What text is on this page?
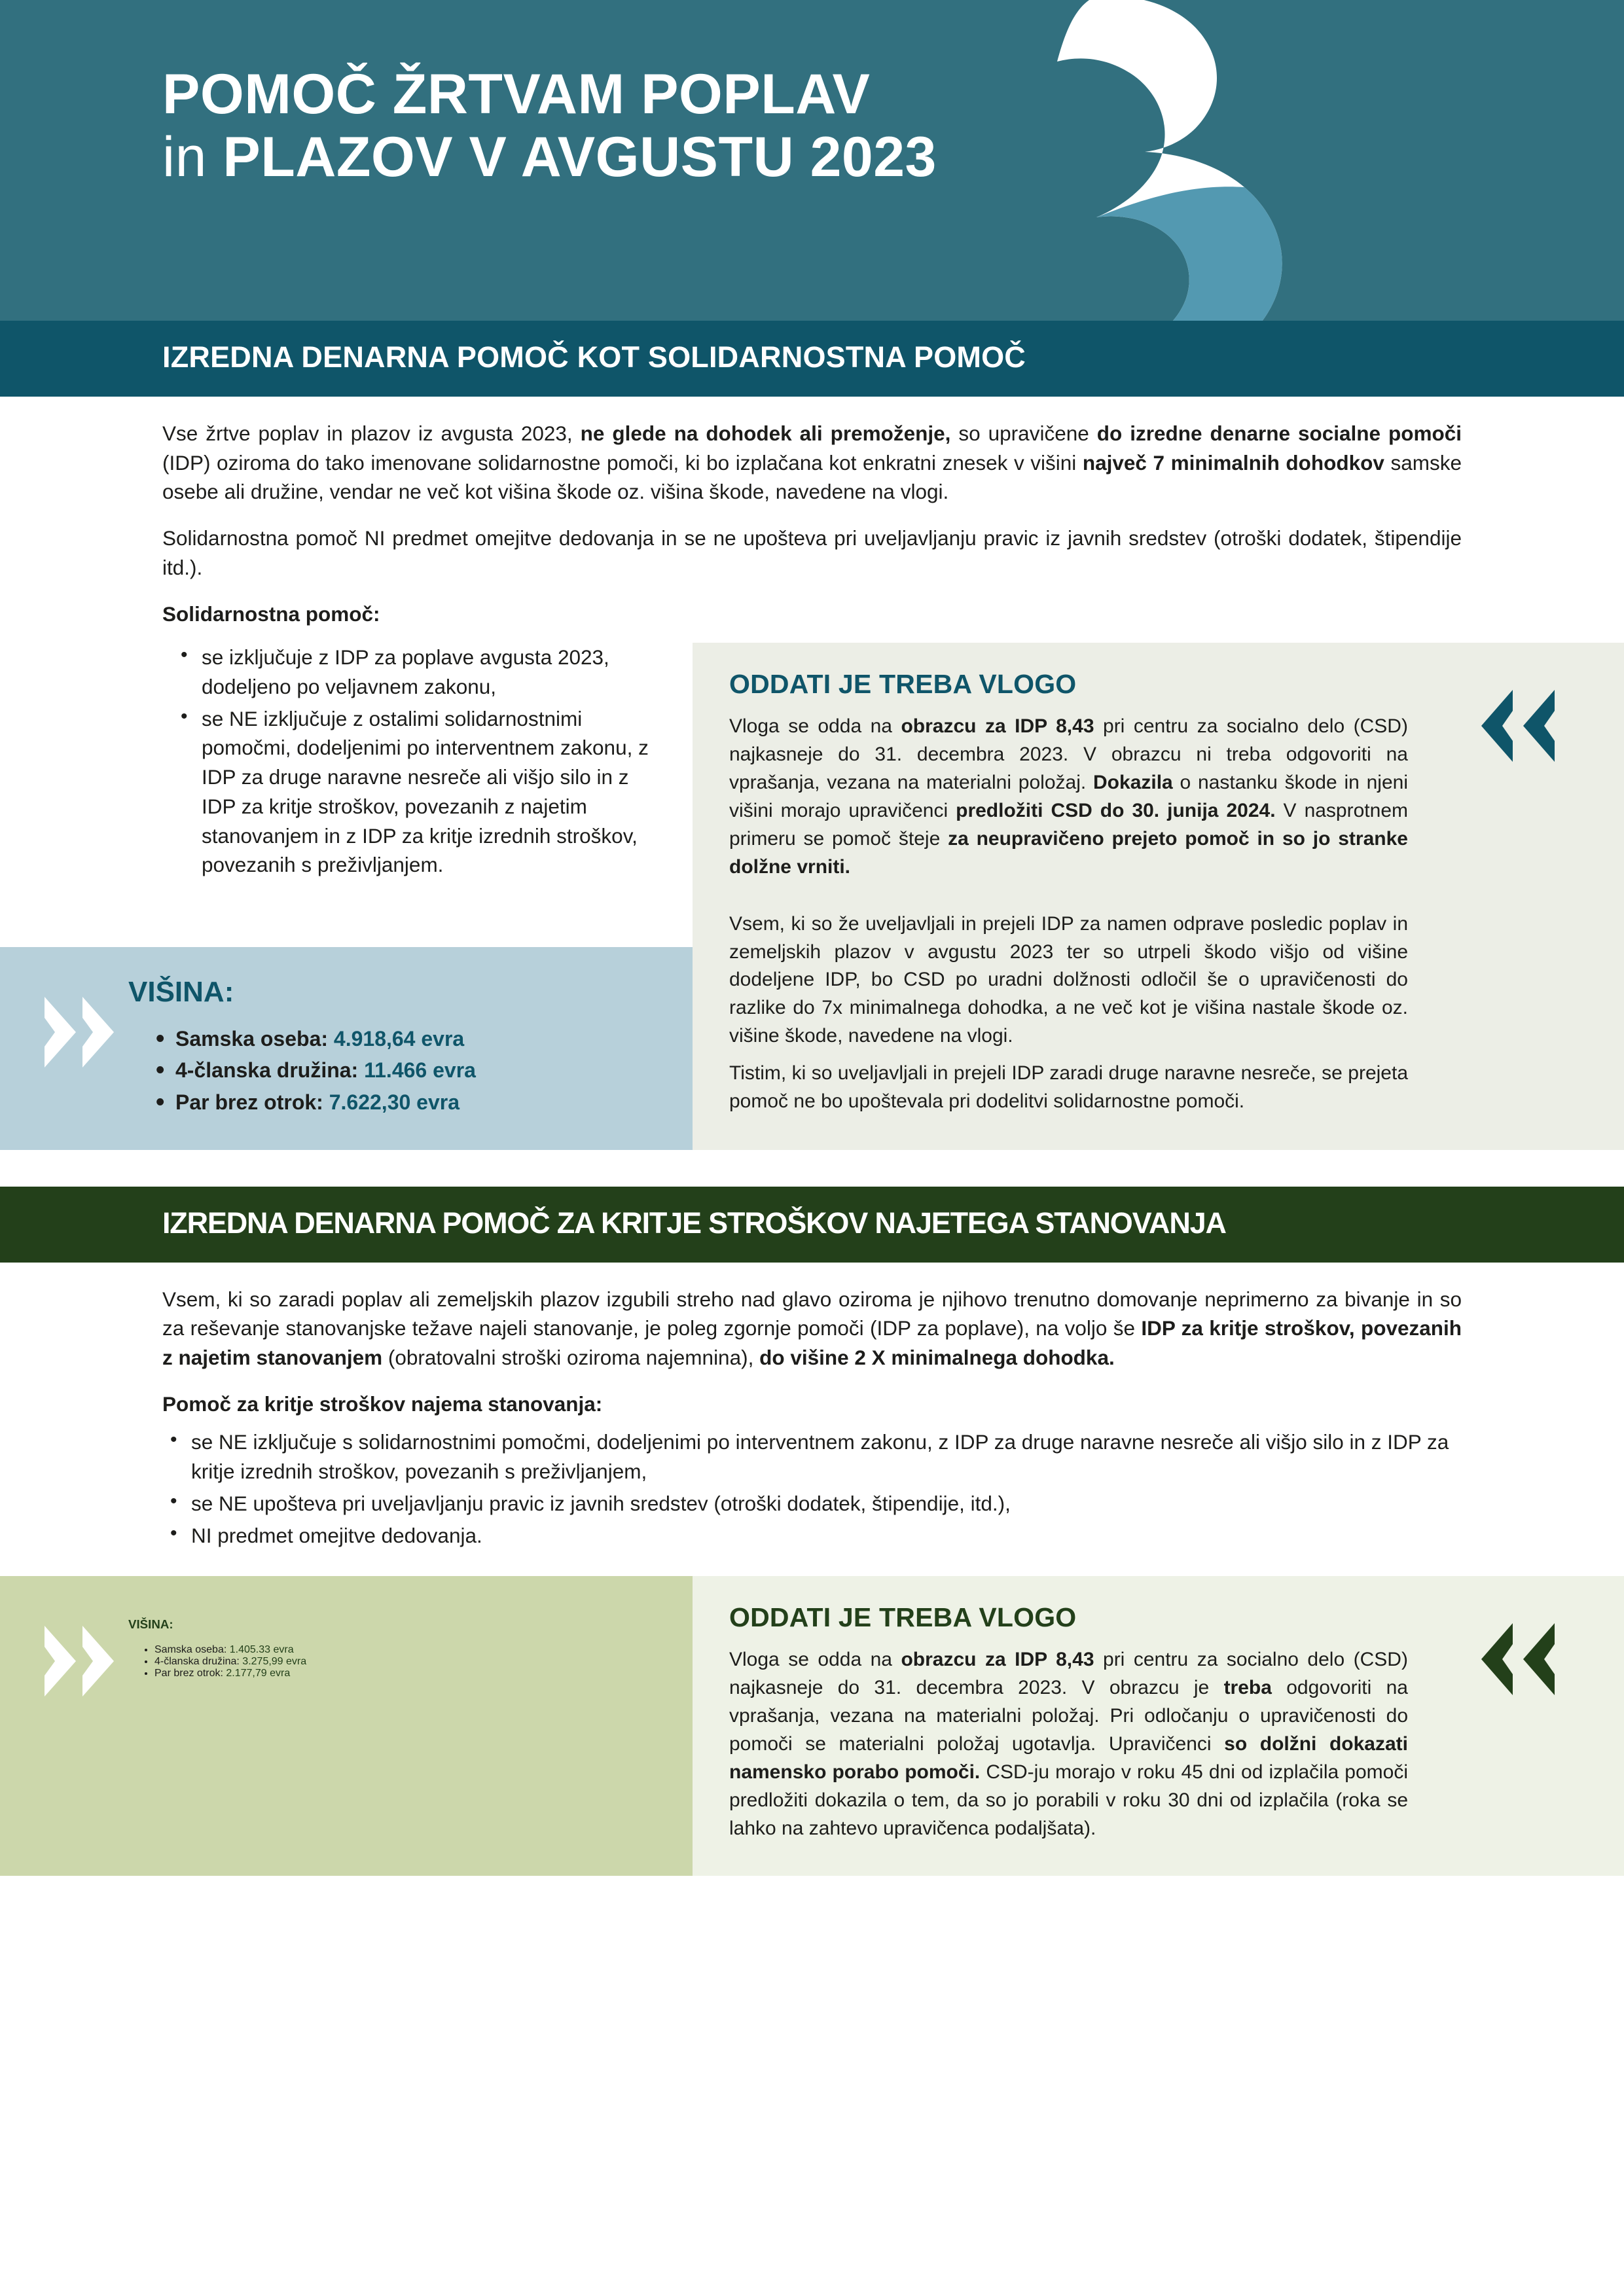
POMOČ ŽRTVAM POPLAV
in PLAZOV V AVGUSTU 2023
IZREDNA DENARNA POMOČ KOT SOLIDARNOSTNA POMOČ

Vse žrtve poplav in plazov iz avgusta 2023, ne glede na dohodek ali premoženje, so upravičene do izredne denarne socialne pomoči (IDP) oziroma do tako imenovane solidarnostne pomoči, ki bo izplačana kot enkratni znesek v višini največ 7 minimalnih dohodkov samske osebe ali družine, vendar ne več kot višina škode oz. višina škode, navedene na vlogi.

Solidarnostna pomoč NI predmet omejitve dedovanja in se ne upošteva pri uveljavljanju pravic iz javnih sredstev (otroški dodatek, štipendije itd.).

Solidarnostna pomoč:

• se izključuje z IDP za poplave avgusta 2023, dodeljeno po veljavnem zakonu,
• se NE izključuje z ostalimi solidarnostnimi pomočmi, dodeljenimi po interventnem zakonu, z IDP za druge naravne nesreče ali višjo silo in z IDP za kritje stroškov, povezanih z najetim stanovanjem in z IDP za kritje izrednih stroškov, povezanih s preživljanjem.
ODDATI JE TREBA VLOGO

Vloga se odda na obrazcu za IDP 8,43 pri centru za socialno delo (CSD) najkasneje do 31. decembra 2023. V obrazcu ni treba odgovoriti na vprašanja, vezana na materialni položaj. Dokazila o nastanku škode in njeni višini morajo upravičenci predložiti CSD do 30. junija 2024. V nasprotnem primeru se pomoč šteje za neupravičeno prejeto pomoč in so jo stranke dolžne vrniti.

VIŠINA:
• Samska oseba: 4.918,64 evra
• 4-članska družina: 11.466 evra
• Par brez otrok: 7.622,30 evra

Vsem, ki so že uveljavljali in prejeli IDP za namen odprave posledic poplav in zemeljskih plazov v avgustu 2023 ter so utrpeli škodo višjo od višine dodeljene IDP, bo CSD po uradni dolžnosti odločil še o upravičenosti do razlike do 7x minimalnega dohodka, a ne več kot je višina nastale škode oz. višine škode, navedene na vlogi.

Tistim, ki so uveljavljali in prejeli IDP zaradi druge naravne nesreče, se prejeta pomoč ne bo upoštevala pri dodelitvi solidarnostne pomoči.

IZREDNA DENARNA POMOČ ZA KRITJE STROŠKOV NAJETEGA STANOVANJA

Vsem, ki so zaradi poplav ali zemeljskih plazov izgubili streho nad glavo oziroma je njihovo trenutno domovanje neprimerno za bivanje in so za reševanje stanovanjske težave najeli stanovanje, je poleg zgornje pomoči (IDP za poplave), na voljo še IDP za kritje stroškov, povezanih z najetim stanovanjem (obratovalni stroški oziroma najemnina), do višine 2 X minimalnega dohodka.

Pomoč za kritje stroškov najema stanovanja:

• se NE izključuje s solidarnostnimi pomočmi, dodeljenimi po interventnem zakonu, z IDP za druge naravne nesreče ali višjo silo in z IDP za kritje izrednih stroškov, povezanih s preživljanjem,
• se NE upošteva pri uveljavljanju pravic iz javnih sredstev (otroški dodatek, štipendije, itd.),
• NI predmet omejitve dedovanja.
VIŠINA:
• Samska oseba: 1.405.33 evra
• 4-članska družina: 3.275,99 evra
• Par brez otrok: 2.177,79 evra
ODDATI JE TREBA VLOGO

Vloga se odda na obrazcu za IDP 8,43 pri centru za socialno delo (CSD) najkasneje do 31. decembra 2023. V obrazcu je treba odgovoriti na vprašanja, vezana na materialni položaj. Pri odločanju o upravičenosti do pomoči se materialni položaj ugotavlja. Upravičenci so dolžni dokazati namensko porabo pomoči. CSD-ju morajo v roku 45 dni od izplačila pomoči predložiti dokazila o tem, da so jo porabili v roku 30 dni od izplačila (roka se lahko na zahtevo upravičenca podaljšata).
